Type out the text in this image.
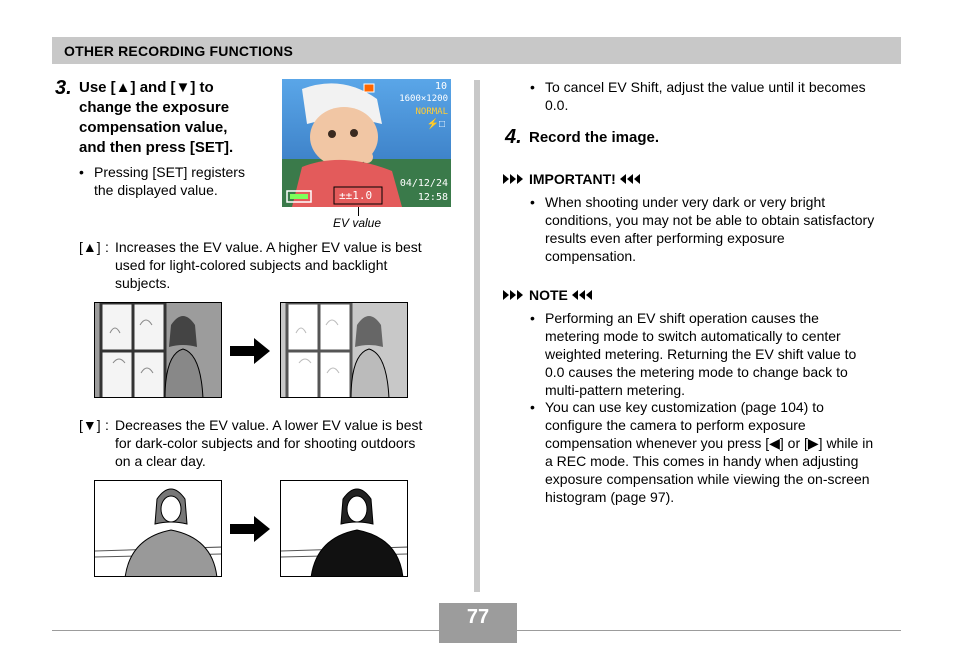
OTHER RECORDING FUNCTIONS
3. Use [▲] and [▼] to
change the exposure
compensation value,
and then press [SET].
• Pressing [SET] registers
the displayed value.
10
1600×1200
NORMAL
⚡□
±±1.0
04/12/24
12:58
EV value
[▲] : Increases the EV value. A higher EV value is best
used for light-colored subjects and backlight
subjects.
[▼] : Decreases the EV value. A lower EV value is best
for dark-color subjects and for shooting outdoors
on a clear day.
• To cancel EV Shift, adjust the value until it becomes
0.0.
4. Record the image.
IMPORTANT!
• When shooting under very dark or very bright
conditions, you may not be able to obtain satisfactory
results even after performing exposure
compensation.
NOTE
• Performing an EV shift operation causes the
metering mode to switch automatically to center
weighted metering. Returning the EV shift value to
0.0 causes the metering mode to change back to
multi-pattern metering.
• You can use key customization (page 104) to
configure the camera to perform exposure
compensation whenever you press [◀] or [▶] while in
a REC mode. This comes in handy when adjusting
exposure compensation while viewing the on-screen
histogram (page 97).
77
